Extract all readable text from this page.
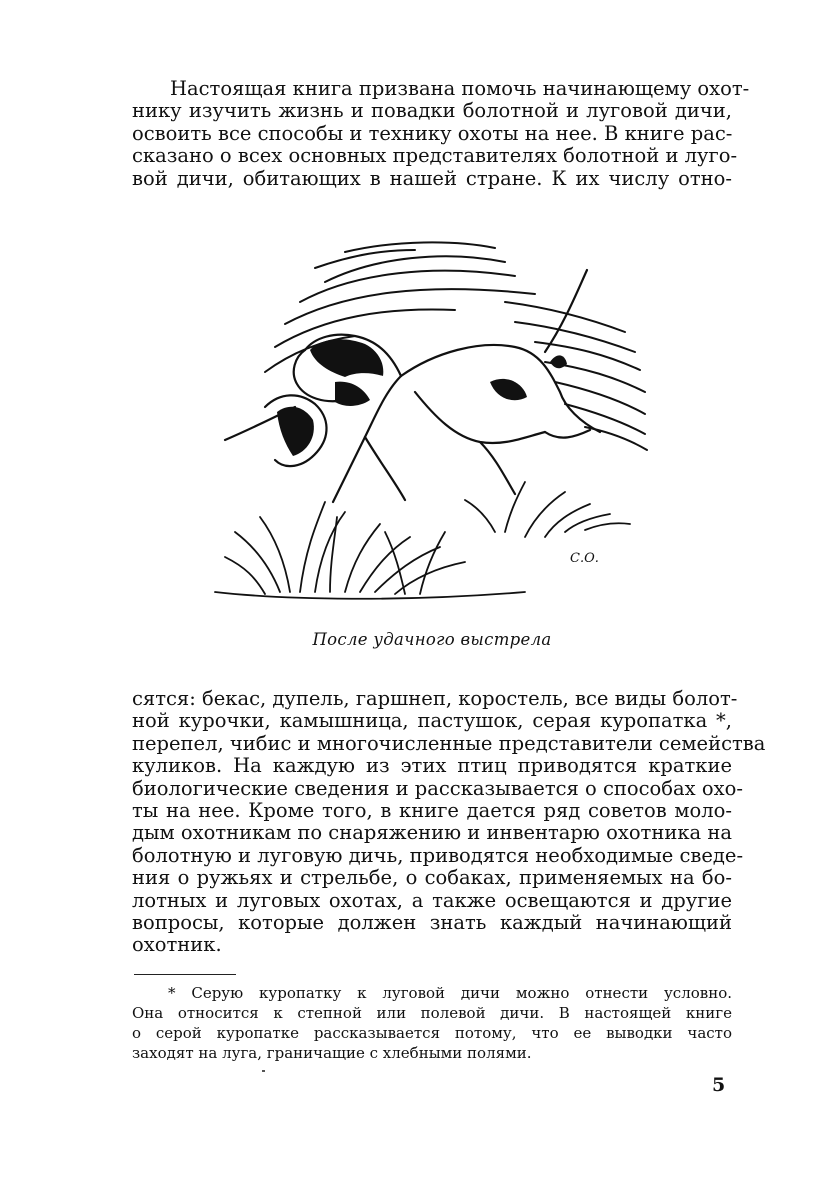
Настоящая книга призвана помочь начинающему охот-
нику изучить жизнь и повадки болотной и луговой дичи,
освоить все способы и технику охоты на нее. В книге рас-
сказано о всех основных представителях болотной и луго-
вой дичи, обитающих в нашей стране. К их числу отно-

С.О.
После удачного выстрела

сятся: бекас, дупель, гаршнеп, коростель, все виды болот-
ной курочки, камышница, пастушок, серая куропатка *,
перепел, чибис и многочисленные представители семейства
куликов. На каждую из этих птиц приводятся краткие
биологические сведения и рассказывается о способах охо-
ты на нее. Кроме того, в книге дается ряд советов моло-
дым охотникам по снаряжению и инвентарю охотника на
болотную и луговую дичь, приводятся необходимые сведе-
ния о ружьях и стрельбе, о собаках, применяемых на бо-
лотных и луговых охотах, а также освещаются и другие
вопросы, которые должен знать каждый начинающий
охотник.

* Серую куропатку к луговой дичи можно отнести условно.
Она относится к степной или полевой дичи. В настоящей книге
о серой куропатке рассказывается потому, что ее выводки часто
заходят на луга, граничащие с хлебными полями.

5
